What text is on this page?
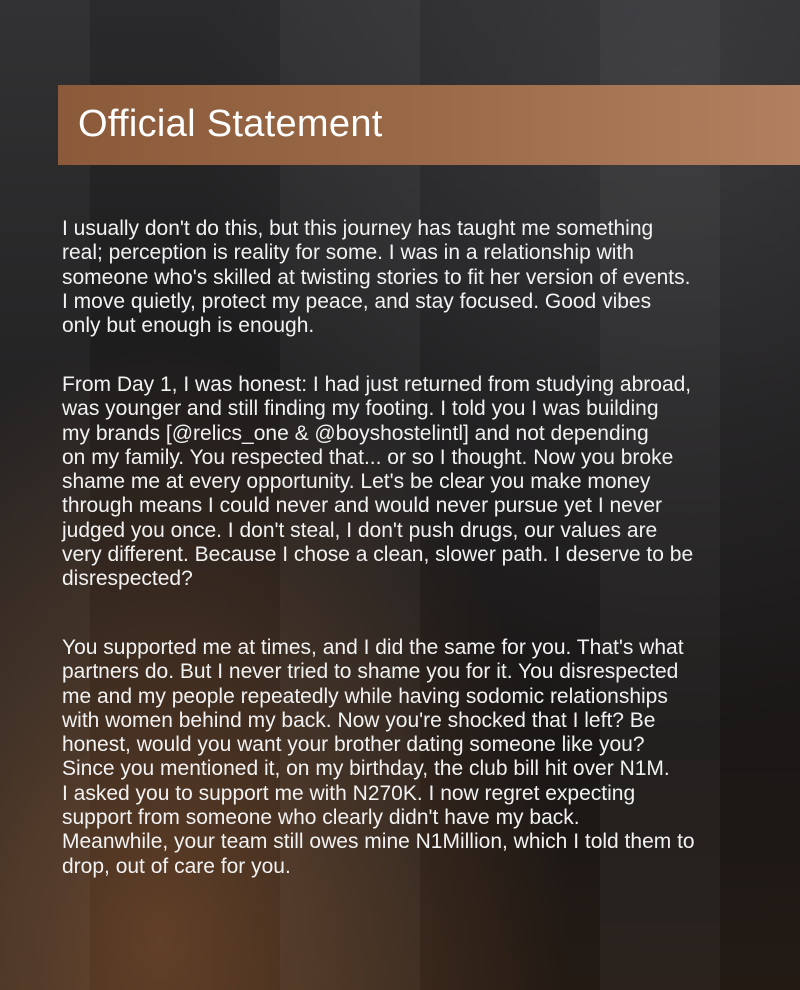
Official Statement
I usually don't do this, but this journey has taught me something
real; perception is reality for some. I was in a relationship with
someone who's skilled at twisting stories to fit her version of events.
I move quietly, protect my peace, and stay focused. Good vibes
only but enough is enough.
From Day 1, I was honest: I had just returned from studying abroad,
was younger and still finding my footing. I told you I was building
my brands [@relics_one & @boyshostelintl] and not depending
on my family. You respected that... or so I thought. Now you broke
shame me at every opportunity. Let's be clear you make money
through means I could never and would never pursue yet I never
judged you once. I don't steal, I don't push drugs, our values are
very different. Because I chose a clean, slower path. I deserve to be
disrespected?
You supported me at times, and I did the same for you. That's what
partners do. But I never tried to shame you for it. You disrespected
me and my people repeatedly while having sodomic relationships
with women behind my back. Now you're shocked that I left? Be
honest, would you want your brother dating someone like you?
Since you mentioned it, on my birthday, the club bill hit over N1M.
I asked you to support me with N270K. I now regret expecting
support from someone who clearly didn't have my back.
Meanwhile, your team still owes mine N1Million, which I told them to
drop, out of care for you.
